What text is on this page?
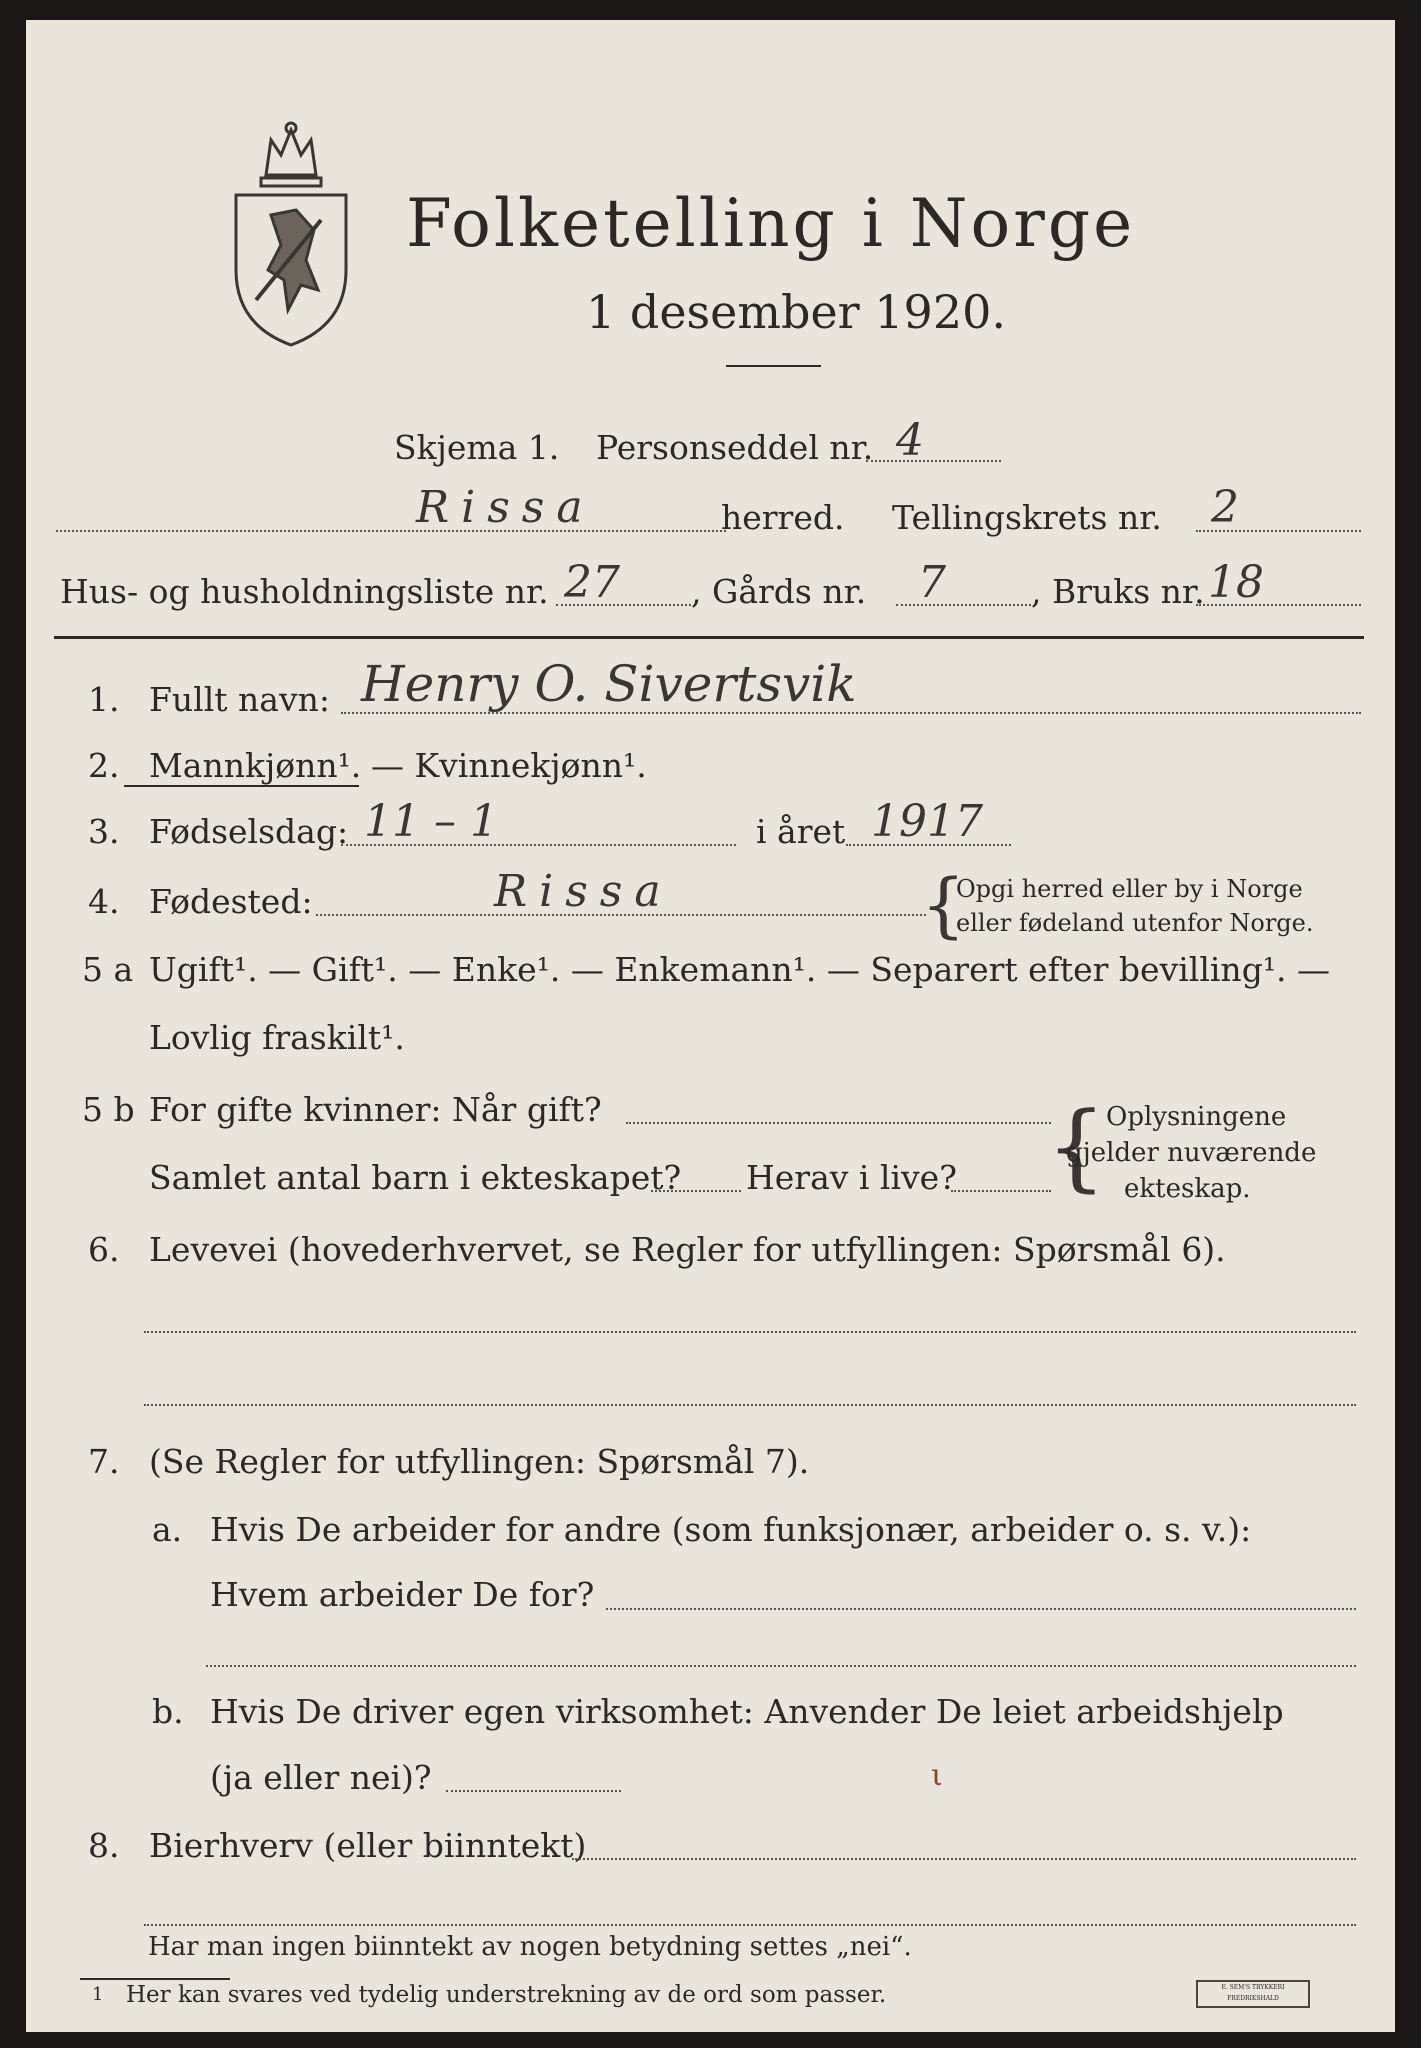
Folketelling i Norge
1 desember 1920.
Skjema 1. Personseddel nr. 4
Rissa	herred. Tellingskrets nr. 2
Hus- og husholdningsliste nr. 27 , Gårds nr. 7	, Bruks nr. 18
1. Fullt navn: Henry O. Sivertsvik
2. Mannkjønn¹. — Kvinnekjønn¹.
3. Fødselsdag: 11 – 1	i året 1917
4. Fødested:	Rissa	{
Opgi herred eller by i Norge
eller fødeland utenfor Norge.
5 a Ugift¹. — Gift¹. — Enke¹. — Enkemann¹. — Separert efter bevilling¹. —
Lovlig fraskilt¹.
5 b For gifte kvinner: Når gift?
Samlet antal barn i ekteskapet? Herav i live? { Oplysningene
gjelder nuværende
ekteskap.
6. Levevei (hovederhvervet, se Regler for utfyllingen: Spørsmål 6).
7. (Se Regler for utfyllingen: Spørsmål 7).
a. Hvis De arbeider for andre (som funksjonær, arbeider o. s. v.):
Hvem arbeider De for?
b. Hvis De driver egen virksomhet: Anvender De leiet arbeidshjelp
(ja eller nei)?	ι
8. Bierhverv (eller biinntekt)
Har man ingen biinntekt av nogen betydning settes „nei“.
1 Her kan svares ved tydelig understrekning av de ord som passer.	E. SEM'S TRYKKERI FREDRIKSHALD
